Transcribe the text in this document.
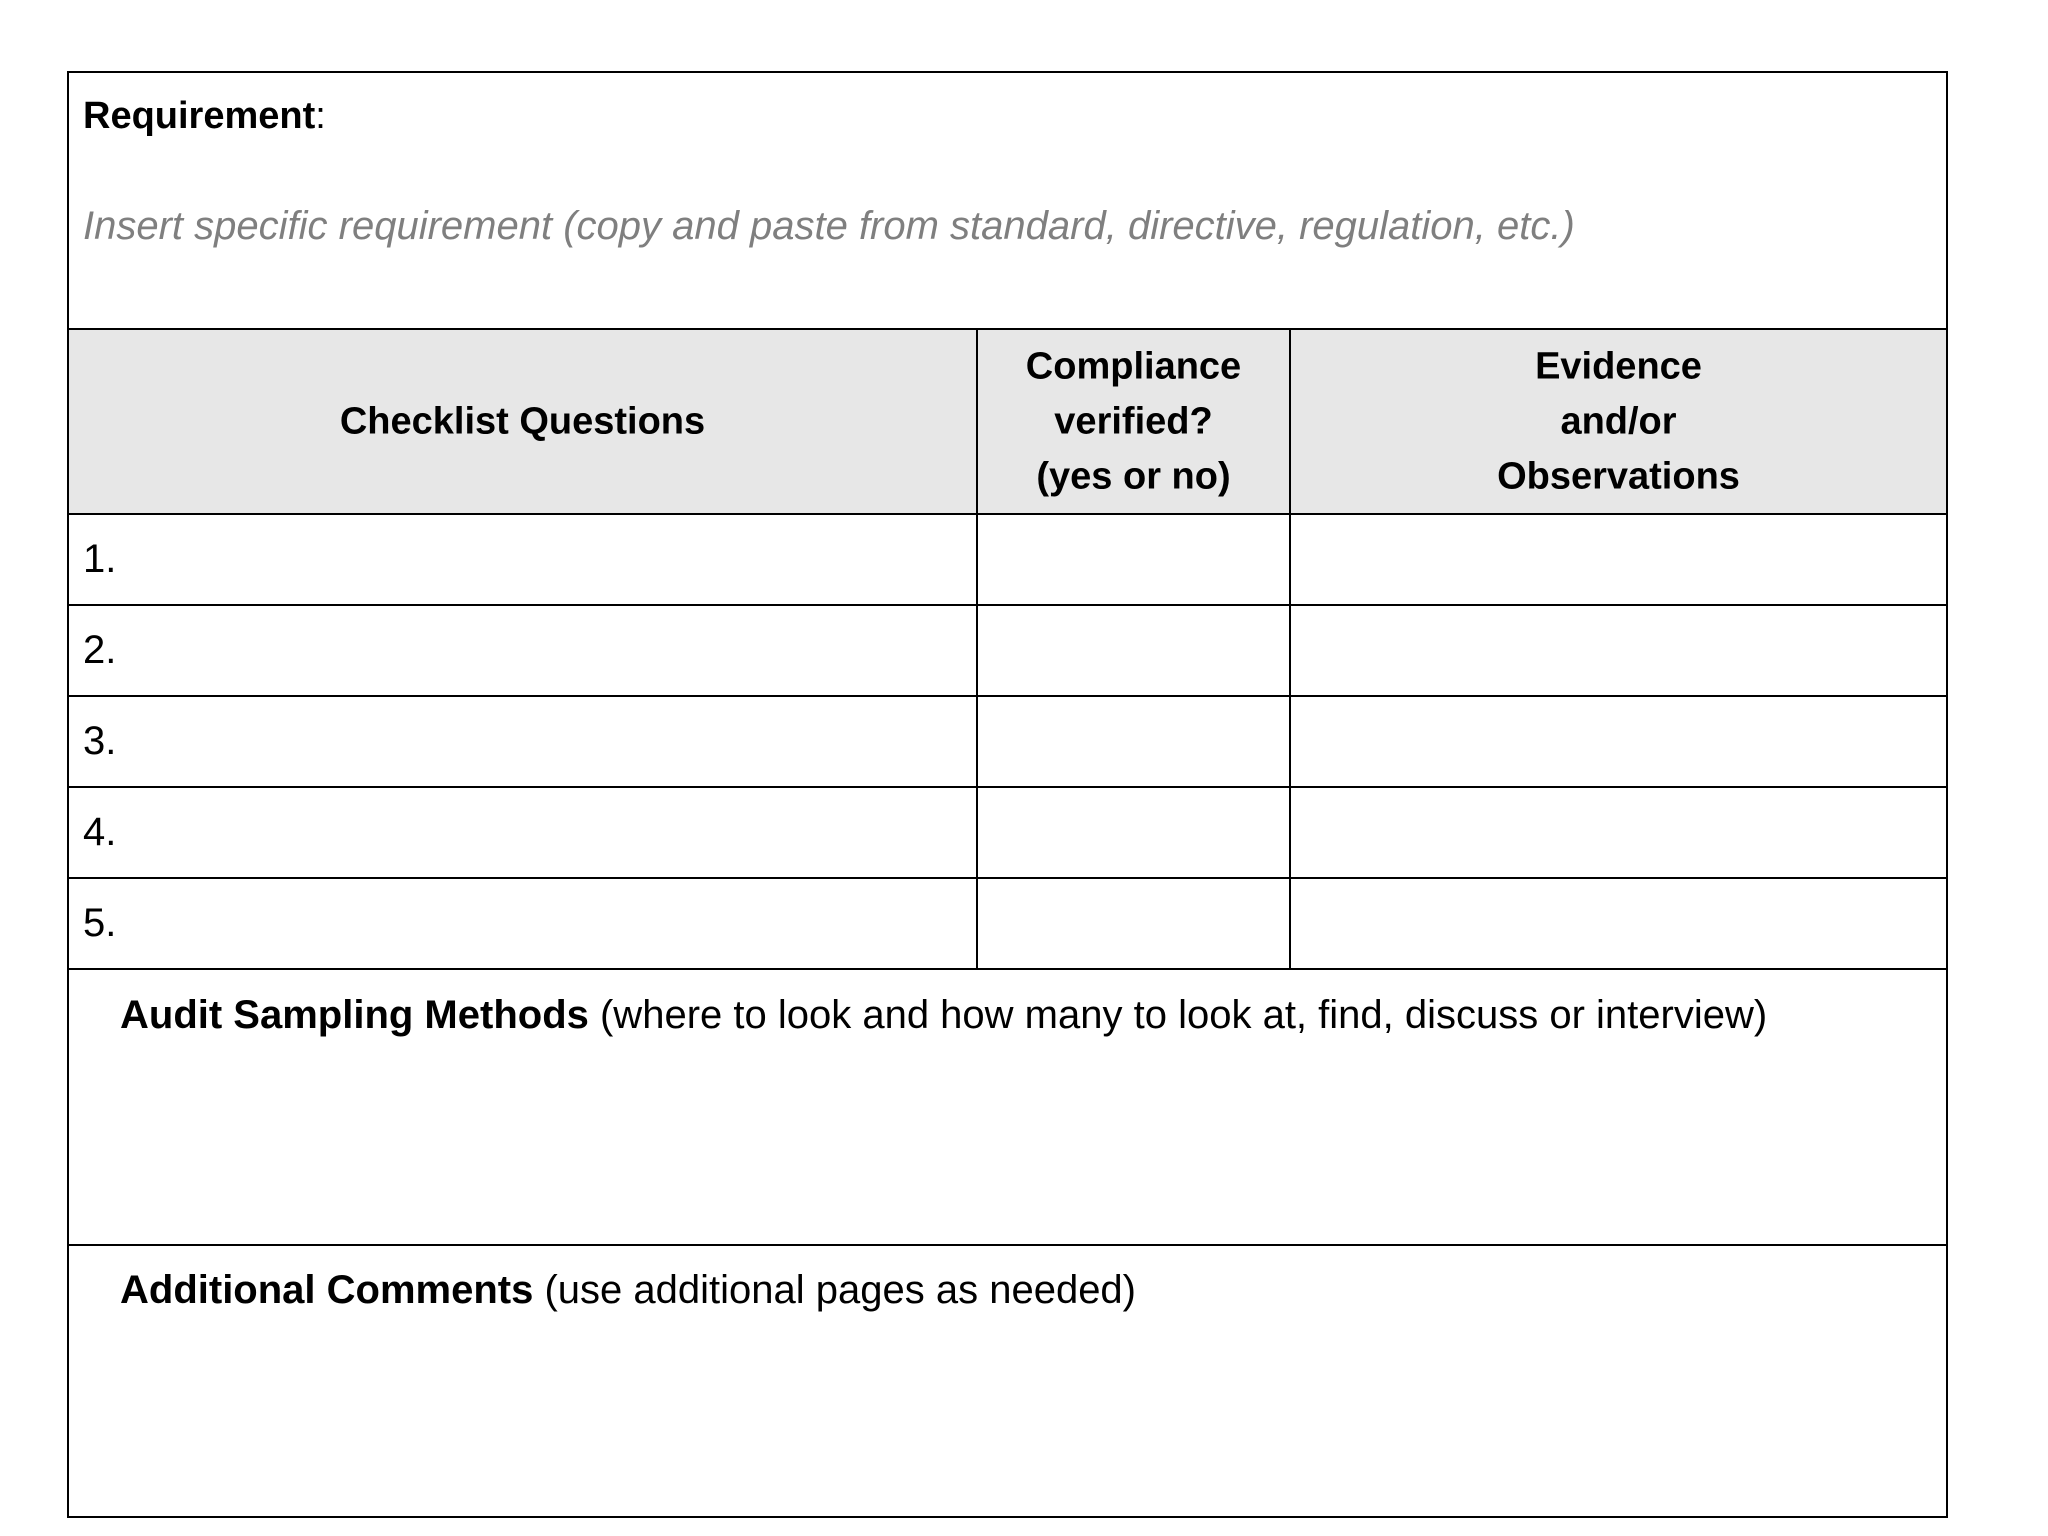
Requirement:
Insert specific requirement (copy and paste from standard, directive, regulation, etc.)
Checklist Questions
Compliance
verified?
(yes or no)
Evidence
and/or
Observations
1.
2.
3.
4.
5.
Audit Sampling Methods (where to look and how many to look at, find, discuss or interview)
Additional Comments (use additional pages as needed)
